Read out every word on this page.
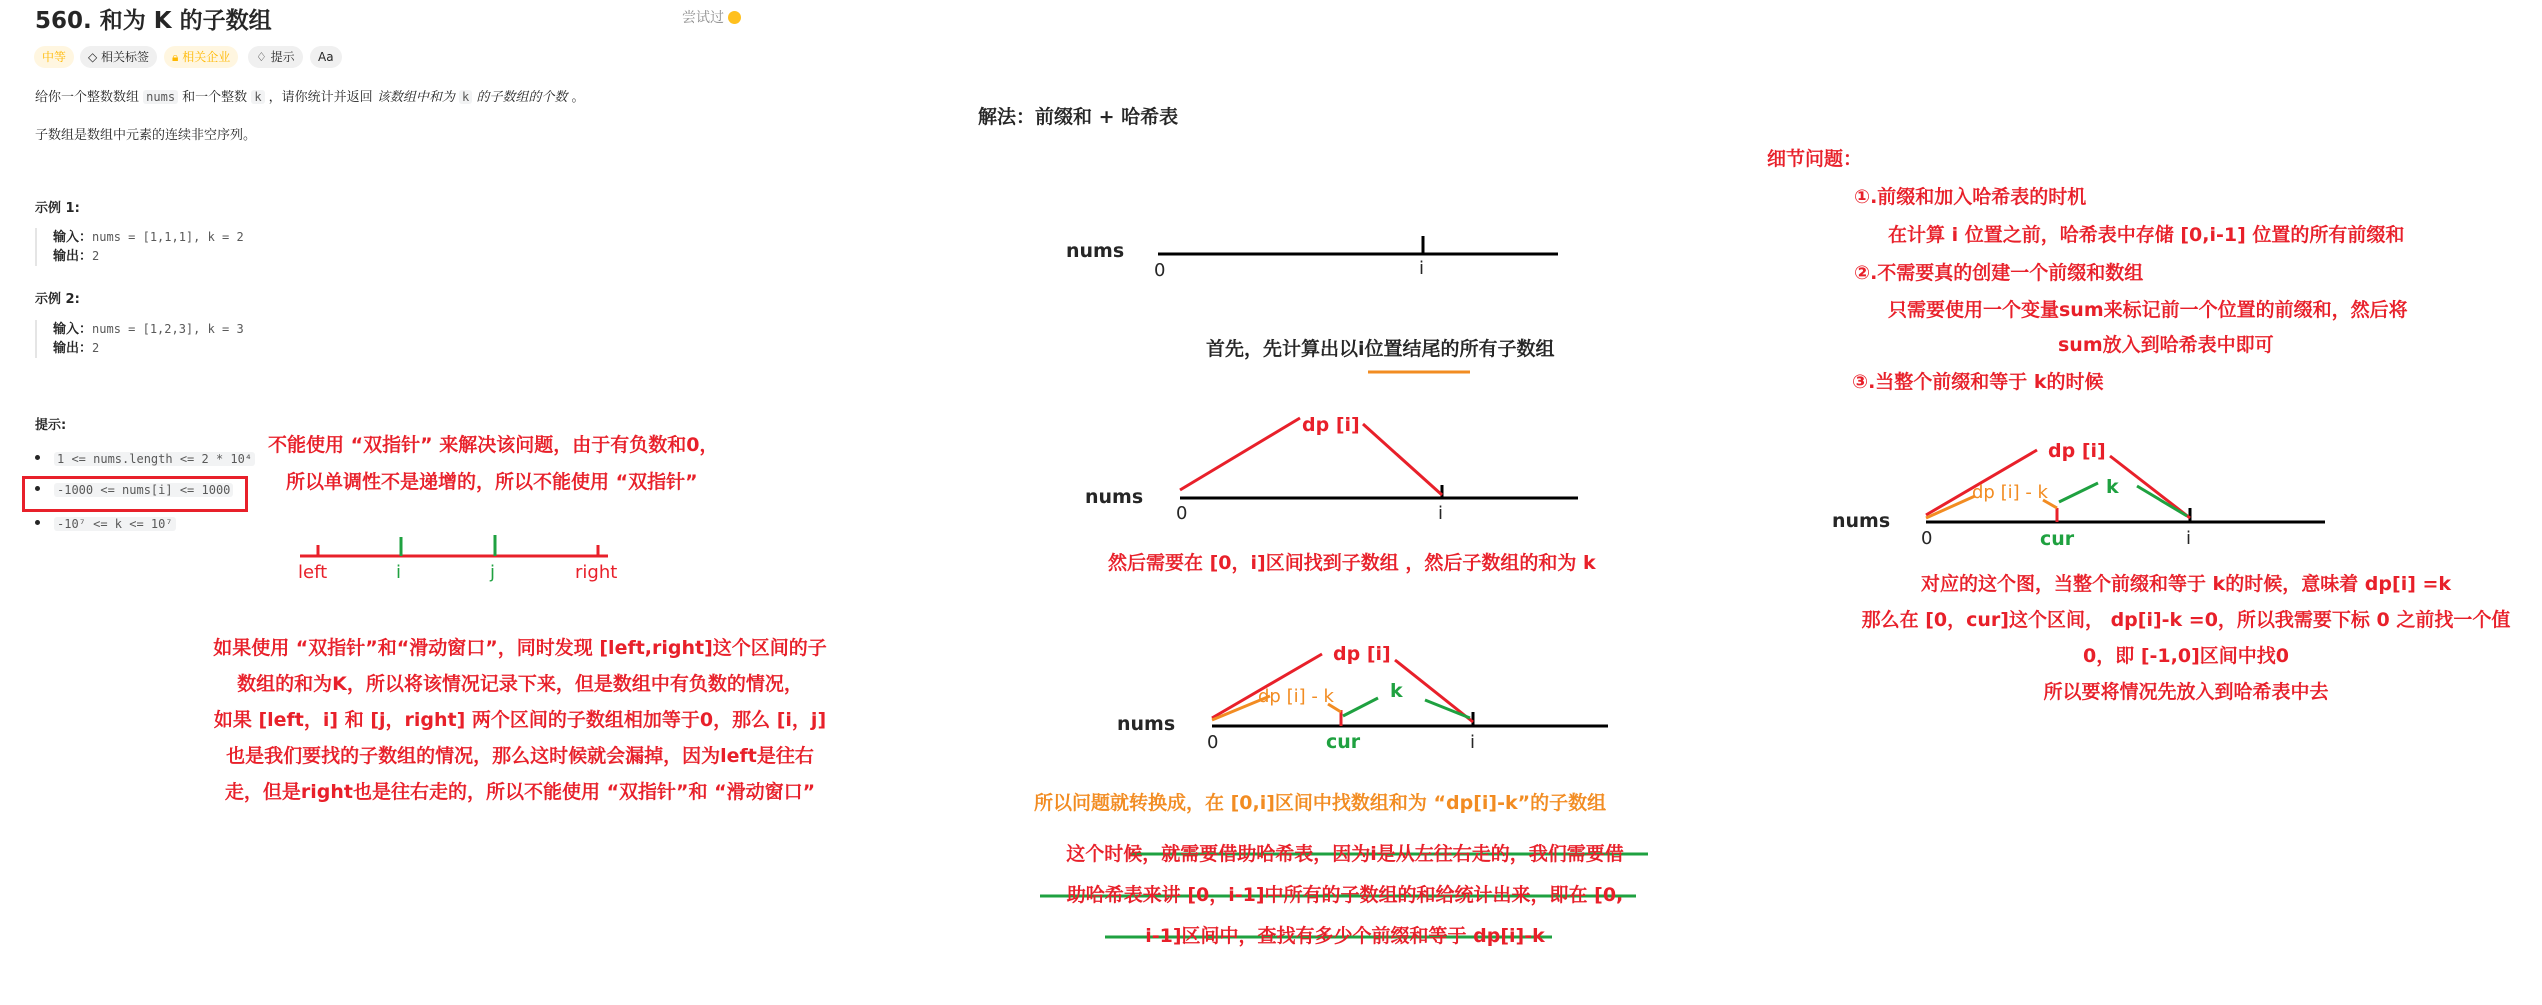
560. 和为 K 的子数组	尝试过
中等	◇ 相关标签	🔒︎ 相关企业	♢ 提示	Aa
给你一个整数数组 nums 和一个整数 k ，请你统计并返回 该数组中和为 k 的子数组的个数 。
子数组是数组中元素的连续非空序列。
示例 1:
输入：nums = [1,1,1], k = 2
输出：2
示例 2:
输入：nums = [1,2,3], k = 3
输出：2
提示:
1 <= nums.length <= 2 * 10⁴
-1000 <= nums[i] <= 1000
-10⁷ <= k <= 10⁷
不能使用 “双指针” 来解决该问题，由于有负数和0，
所以单调性不是递增的，所以不能使用 “双指针”
left	i	j	right
如果使用 “双指针”和“滑动窗口”，同时发现 [left,right]这个区间的子
数组的和为K，所以将该情况记录下来，但是数组中有负数的情况，
如果 [left，i] 和 [j，right] 两个区间的子数组相加等于0，那么 [i，j]
也是我们要找的子数组的情况，那么这时候就会漏掉，因为left是往右
走，但是right也是往右走的，所以不能使用 “双指针”和 “滑动窗口”
解法：前缀和 + 哈希表
nums
0	i
首先，先计算出以i位置结尾的所有子数组
nums
0	i
dp [i]
然后需要在 [0，i]区间找到子数组 ，然后子数组的和为 k
nums
0	i
dp [i]
dp [i] - k	k
cur
所以问题就转换成，在 [0,i]区间中找数组和为 “dp[i]-k”的子数组
这个时候，就需要借助哈希表，因为i是从左往右走的，我们需要借
助哈希表来讲 [0，i-1]中所有的子数组的和给统计出来，即在 [0,
i-1]区间中，查找有多少个前缀和等于 dp[i]-k
细节问题：
①.前缀和加入哈希表的时机
在计算 i 位置之前，哈希表中存储 [0,i-1] 位置的所有前缀和
②.不需要真的创建一个前缀和数组
只需要使用一个变量sum来标记前一个位置的前缀和，然后将
sum放入到哈希表中即可
③.当整个前缀和等于 k的时候
nums
0	i
dp [i]
dp [i] - k	k
cur
对应的这个图，当整个前缀和等于 k的时候，意味着 dp[i] =k
那么在 [0，cur]这个区间， dp[i]-k =0，所以我需要下标 0 之前找一个值
0，即 [-1,0]区间中找0
所以要将情况先放入到哈希表中去
